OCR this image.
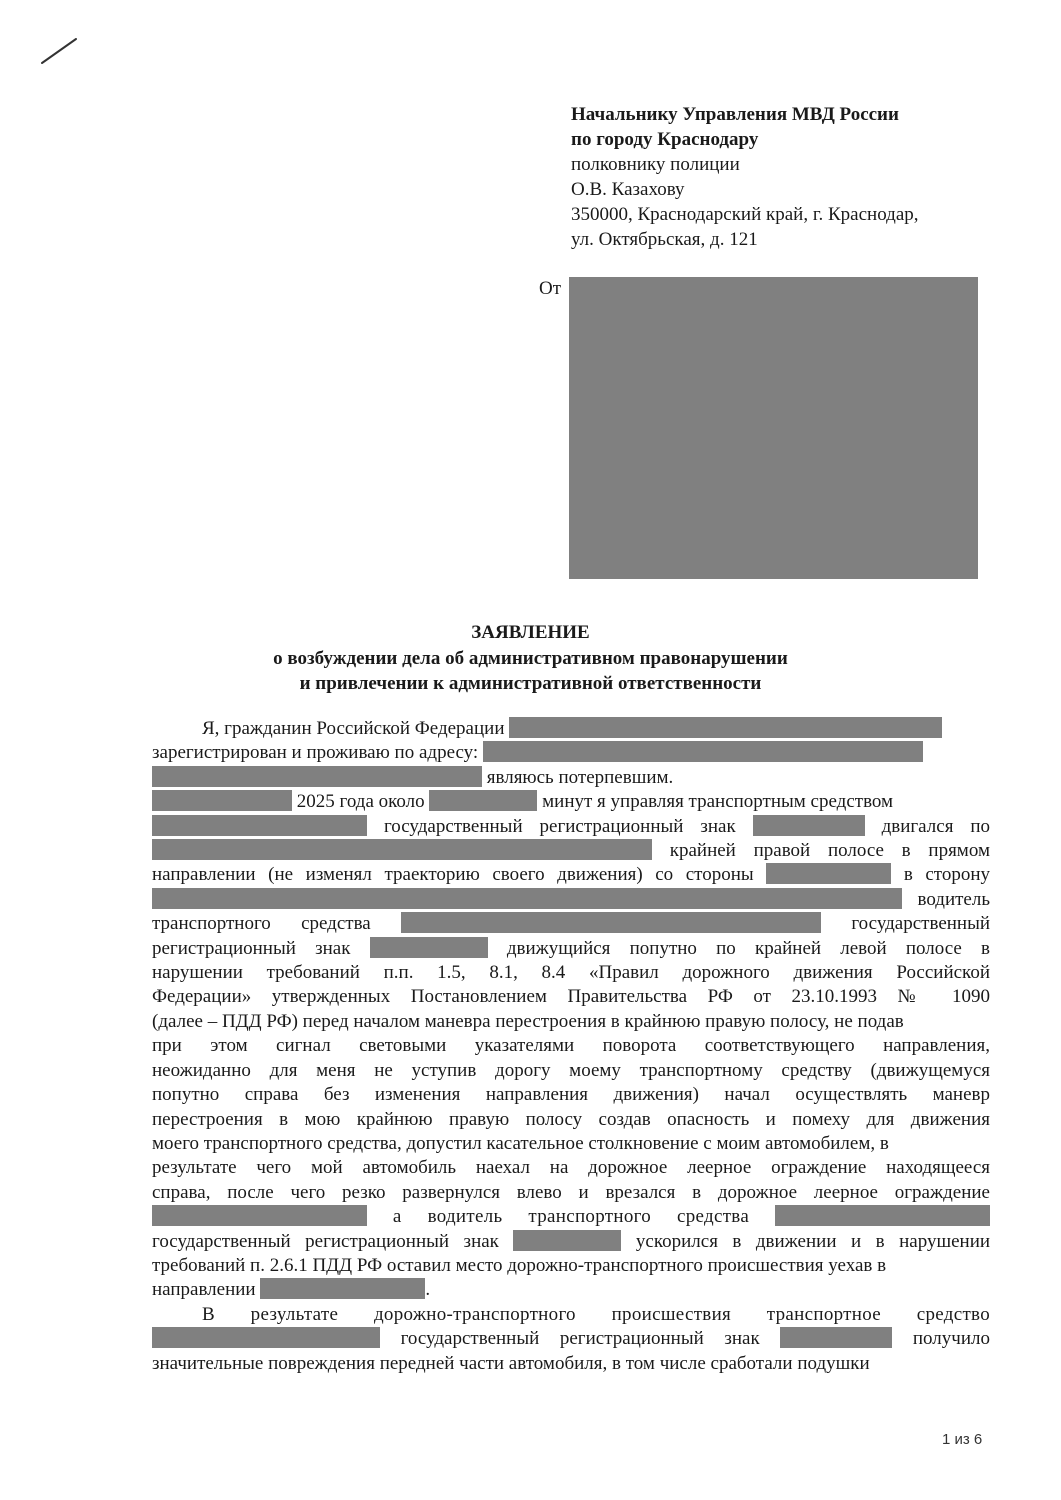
Начальнику Управления МВД России
по городу Краснодару
полковнику полиции
О.В. Казахову
350000, Краснодарский край, г. Краснодар,
ул. Октябрьская, д. 121
От
ЗАЯВЛЕНИЕ
о возбуждении дела об административном правонарушении
и привлечении к административной ответственности

Я, гражданин Российской Федерации

зарегистрирован и проживаю по адресу:

являюсь потерпевшим.

2025 года около	минут я управляя транспортным средством

государственный регистрационный знак	двигался по

крайней правой полосе в прямом

направлении (не изменял траекторию своего движения) со стороны	в сторону

водитель

транспортного средства	государственный

регистрационный знак	движущийся попутно по крайней левой полосе в

нарушении требований п.п. 1.5, 8.1, 8.4 «Правил дорожного движения Российской

Федерации» утвержденных Постановлением Правительства РФ от 23.10.1993 № 1090

(далее – ПДД РФ) перед началом маневра перестроения в крайнюю правую полосу, не подав

при этом сигнал световыми указателями поворота соответствующего направления,

неожиданно для меня не уступив дорогу моему транспортному средству (движущемуся

попутно справа без изменения направления движения) начал осуществлять маневр

перестроения в мою крайнюю правую полосу создав опасность и помеху для движения

моего транспортного средства, допустил касательное столкновение с моим автомобилем, в

результате чего мой автомобиль наехал на дорожное леерное ограждение находящееся

справа, после чего резко развернулся влево и врезался в дорожное леерное ограждение

а водитель транспортного средства

государственный регистрационный знак	ускорился в движении и в нарушении

требований п. 2.6.1 ПДД РФ оставил место дорожно-транспортного происшествия уехав в

направлении	.

В результате дорожно-транспортного происшествия транспортное средство

государственный регистрационный знак	получило

значительные повреждения передней части автомобиля, в том числе сработали подушки

1 из 6
